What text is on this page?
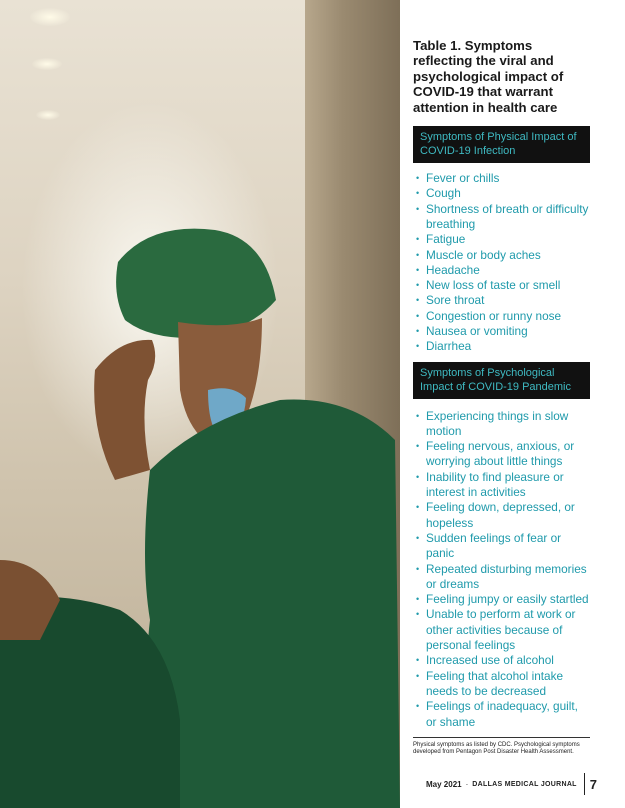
Table 1. Symptoms reflecting the viral and psychological impact of COVID-19 that warrant attention in health care
Symptoms of Physical Impact of COVID-19 Infection
• Fever or chills
• Cough
• Shortness of breath or difficulty breathing
• Fatigue
• Muscle or body aches
• Headache
• New loss of taste or smell
• Sore throat
• Congestion or runny nose
• Nausea or vomiting
• Diarrhea
Symptoms of Psychological Impact of COVID-19 Pandemic
• Experiencing things in slow motion
• Feeling nervous, anxious, or worrying about little things
• Inability to find pleasure or interest in activities
• Feeling down, depressed, or hopeless
• Sudden feelings of fear or panic
• Repeated disturbing memories or dreams
• Feeling jumpy or easily startled
• Unable to perform at work or other activities because of personal feelings
• Increased use of alcohol
• Feeling that alcohol intake needs to be decreased
• Feelings of inadequacy, guilt, or shame
Physical symptoms as listed by CDC. Psychological symptoms developed from Pentagon Post Disaster Health Assessment.
May 2021 · DALLAS MEDICAL JOURNAL 7
